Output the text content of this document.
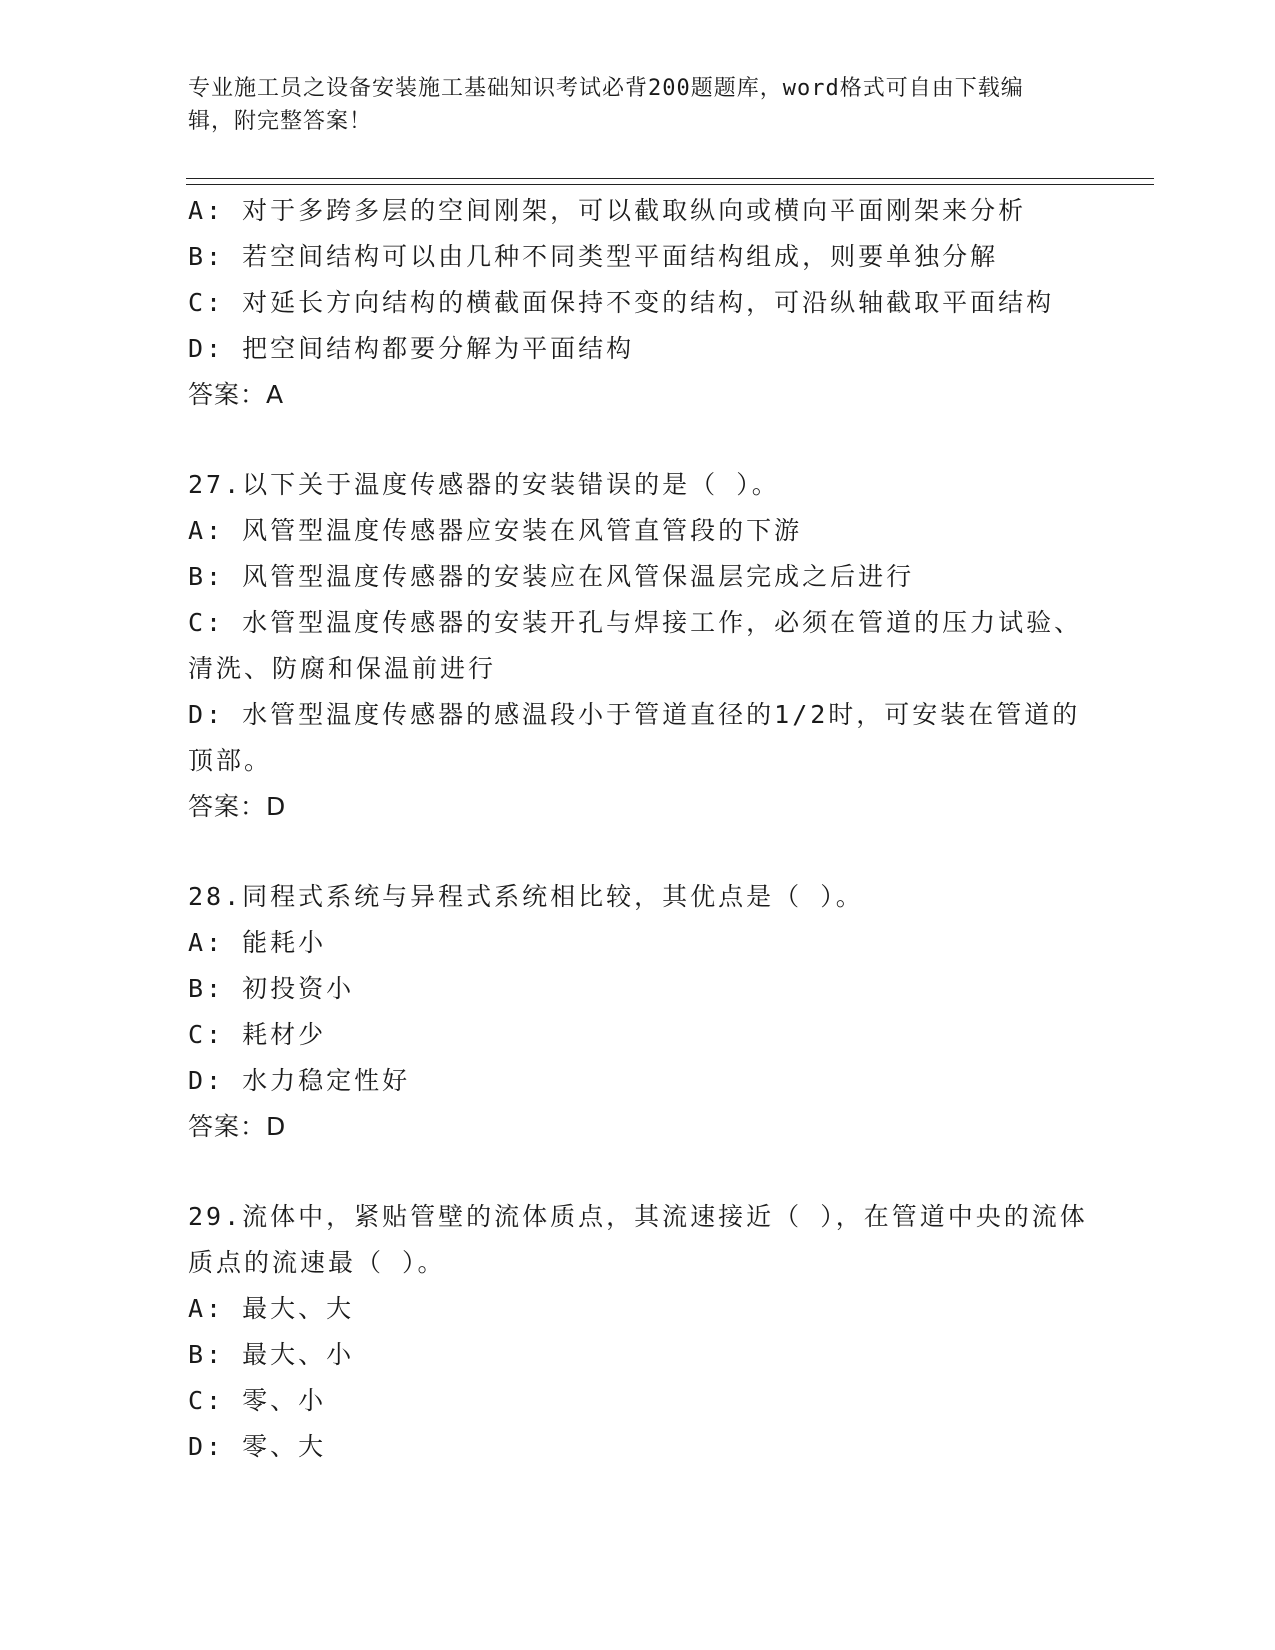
专业施工员之设备安装施工基础知识考试必背200题题库，word格式可自由下载编辑，附完整答案！
A: 对于多跨多层的空间刚架，可以截取纵向或横向平面刚架来分析
B: 若空间结构可以由几种不同类型平面结构组成，则要单独分解
C: 对延长方向结构的横截面保持不变的结构，可沿纵轴截取平面结构
D: 把空间结构都要分解为平面结构
答案：A
27.以下关于温度传感器的安装错误的是（ ）。
A: 风管型温度传感器应安装在风管直管段的下游
B: 风管型温度传感器的安装应在风管保温层完成之后进行
C: 水管型温度传感器的安装开孔与焊接工作，必须在管道的压力试验、清洗、防腐和保温前进行
D: 水管型温度传感器的感温段小于管道直径的1/2时，可安装在管道的顶部。
答案：D
28.同程式系统与异程式系统相比较，其优点是（ ）。
A: 能耗小
B: 初投资小
C: 耗材少
D: 水力稳定性好
答案：D
29.流体中，紧贴管壁的流体质点，其流速接近（ ），在管道中央的流体质点的流速最（ ）。
A: 最大、大
B: 最大、小
C: 零、小
D: 零、大
